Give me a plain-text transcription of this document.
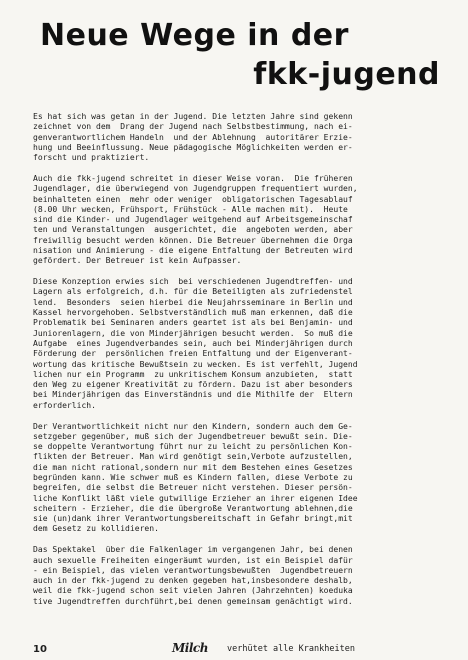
Neue Wege in der
fkk-jugend
Es hat sich was getan in der Jugend. Die letzten Jahre sind gekenn
zeichnet von dem  Drang der Jugend nach Selbstbestimmung, nach ei-
genverantwortlichem Handeln  und der Ablehnung  autoritärer Erzie-
hung und Beeinflussung. Neue pädagogische Möglichkeiten werden er-
forscht und praktiziert.
Auch die fkk-jugend schreitet in dieser Weise voran.  Die früheren
Jugendlager, die überwiegend von Jugendgruppen frequentiert wurden,
beinhalteten einen  mehr oder weniger  obligatorischen Tagesablauf
(8.00 Uhr wecken, Frühsport, Frühstück - Alle machen mit).  Heute
sind die Kinder- und Jugendlager weitgehend auf Arbeitsgemeinschaf
ten und Veranstaltungen  ausgerichtet, die  angeboten werden, aber
freiwillig besucht werden können. Die Betreuer übernehmen die Orga
nisation und Animierung - die eigene Entfaltung der Betreuten wird
gefördert. Der Betreuer ist kein Aufpasser.
Diese Konzeption erwies sich  bei verschiedenen Jugendtreffen- und
Lagern als erfolgreich, d.h. für die Beteiligten als zufriedenstel
lend.  Besonders  seien hierbei die Neujahrsseminare in Berlin und
Kassel hervorgehoben. Selbstverständlich muß man erkennen, daß die
Problematik bei Seminaren anders geartet ist als bei Benjamin- und
Juniorenlagern, die von Minderjährigen besucht werden.  So muß die
Aufgabe  eines Jugendverbandes sein, auch bei Minderjährigen durch
Förderung der  persönlichen freien Entfaltung und der Eigenverant-
wortung das kritische Bewußtsein zu wecken. Es ist verfehlt, Jugend
lichen nur ein Programm  zu unkritischem Konsum anzubieten,  statt
den Weg zu eigener Kreativität zu fördern. Dazu ist aber besonders
bei Minderjährigen das Einverständnis und die Mithilfe der  Eltern
erforderlich.
Der Verantwortlichkeit nicht nur den Kindern, sondern auch dem Ge-
setzgeber gegenüber, muß sich der Jugendbetreuer bewußt sein. Die-
se doppelte Verantwortung führt nur zu leicht zu persönlichen Kon-
flikten der Betreuer. Man wird genötigt sein,Verbote aufzustellen,
die man nicht rational,sondern nur mit dem Bestehen eines Gesetzes
begründen kann. Wie schwer muß es Kindern fallen, diese Verbote zu
begreifen, die selbst die Betreuer nicht verstehen. Dieser persön-
liche Konflikt läßt viele gutwillige Erzieher an ihrer eigenen Idee
scheitern - Erzieher, die die übergroße Verantwortung ablehnen,die
sie (un)dank ihrer Verantwortungsbereitschaft in Gefahr bringt,mit
dem Gesetz zu kollidieren.
Das Spektakel  über die Falkenlager im vergangenen Jahr, bei denen
auch sexuelle Freiheiten eingeräumt wurden, ist ein Beispiel dafür
- ein Beispiel, das vielen verantwortungsbewußten  Jugendbetreuern
auch in der fkk-jugend zu denken gegeben hat,insbesondere deshalb,
weil die fkk-jugend schon seit vielen Jahren (Jahrzehnten) koeduka
tive Jugendtreffen durchführt,bei denen gemeinsam genächtigt wird.
10	Milch verhütet alle Krankheiten
